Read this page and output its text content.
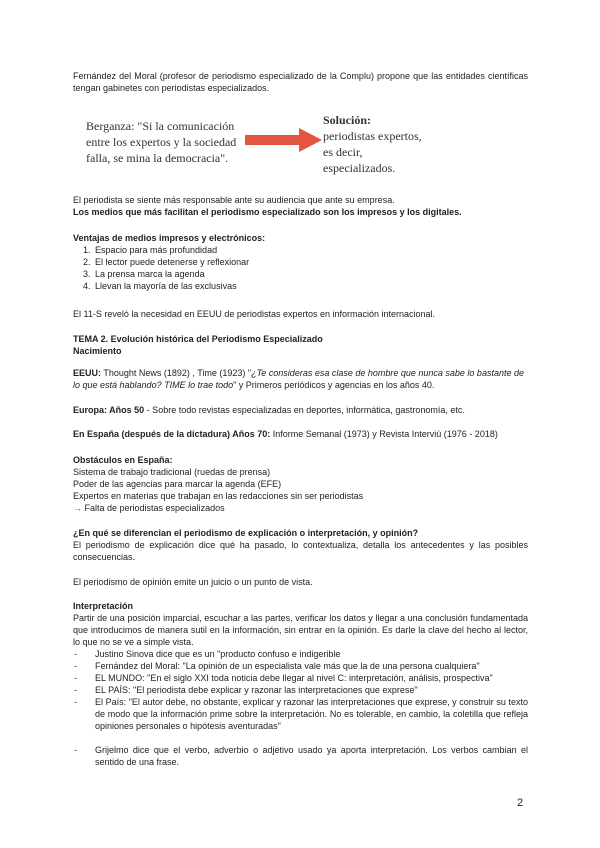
Fernández del Moral (profesor de periodismo especializado de la Complu) propone que las entidades científicas tengan gabinetes con periodistas especializados.

Berganza: "Si la comunicación
entre los expertos y la sociedad
falla, se mina la democracia".
Solución:
periodistas expertos,
es decir,
especializados.

El periodista se siente más responsable ante su audiencia que ante su empresa.

Los medios que más facilitan el periodismo especializado son los impresos y los digitales.

Ventajas de medios impresos y electrónicos:

1. Espacio para más profundidad
2. El lector puede detenerse y reflexionar
3. La prensa marca la agenda
4. Llevan la mayoría de las exclusivas

El 11-S reveló la necesidad en EEUU de periodistas expertos en información internacional.

TEMA 2. Evolución histórica del Periodismo Especializado

Nacimiento

EEUU: Thought News (1892) , Time (1923) "¿Te consideras esa clase de hombre que nunca sabe lo bastante de lo que está hablando? TIME lo trae todo" y Primeros periódicos y agencias en los años 40.

Europa: Años 50 - Sobre todo revistas especializadas en deportes, informática, gastronomía, etc.

En España (después de la dictadura) Años 70: Informe Semanal (1973) y Revista Interviú (1976 - 2018)

Obstáculos en España:

Sistema de trabajo tradicional (ruedas de prensa)

Poder de las agencias para marcar la agenda (EFE)

Expertos en materias que trabajan en las redacciones sin ser periodistas

→ Falta de periodistas especializados

¿En qué se diferencian el periodismo de explicación o interpretación, y opinión?

El periodismo de explicación dice qué ha pasado, lo contextualiza, detalla los antecedentes y las posibles consecuencias.

El periodismo de opinión emite un juicio o un punto de vista.

Interpretación

Partir de una posición imparcial, escuchar a las partes, verificar los datos y llegar a una conclusión fundamentada que introducimos de manera sutil en la información, sin entrar en la opinión. Es darle la clave del hecho al lector, lo que no se ve a simple vista.

- Justino Sinova dice que es un "producto confuso e indigerible
- Fernández del Moral: "La opinión de un especialista vale más que la de una persona cualquiera"
- EL MUNDO: "En el siglo XXI toda noticia debe llegar al nivel C: interpretación, análisis, prospectiva"
- EL PAÍS: "El periodista debe explicar y razonar las interpretaciones que exprese"
- El País: "El autor debe, no obstante, explicar y razonar las interpretaciones que exprese, y construir su texto de modo que la información prime sobre la interpretación. No es tolerable, en cambio, la coletilla que refleja opiniones personales o hipótesis aventuradas"
- Grijelmo dice que el verbo, adverbio o adjetivo usado ya aporta interpretación. Los verbos cambian el sentido de una frase.
2
